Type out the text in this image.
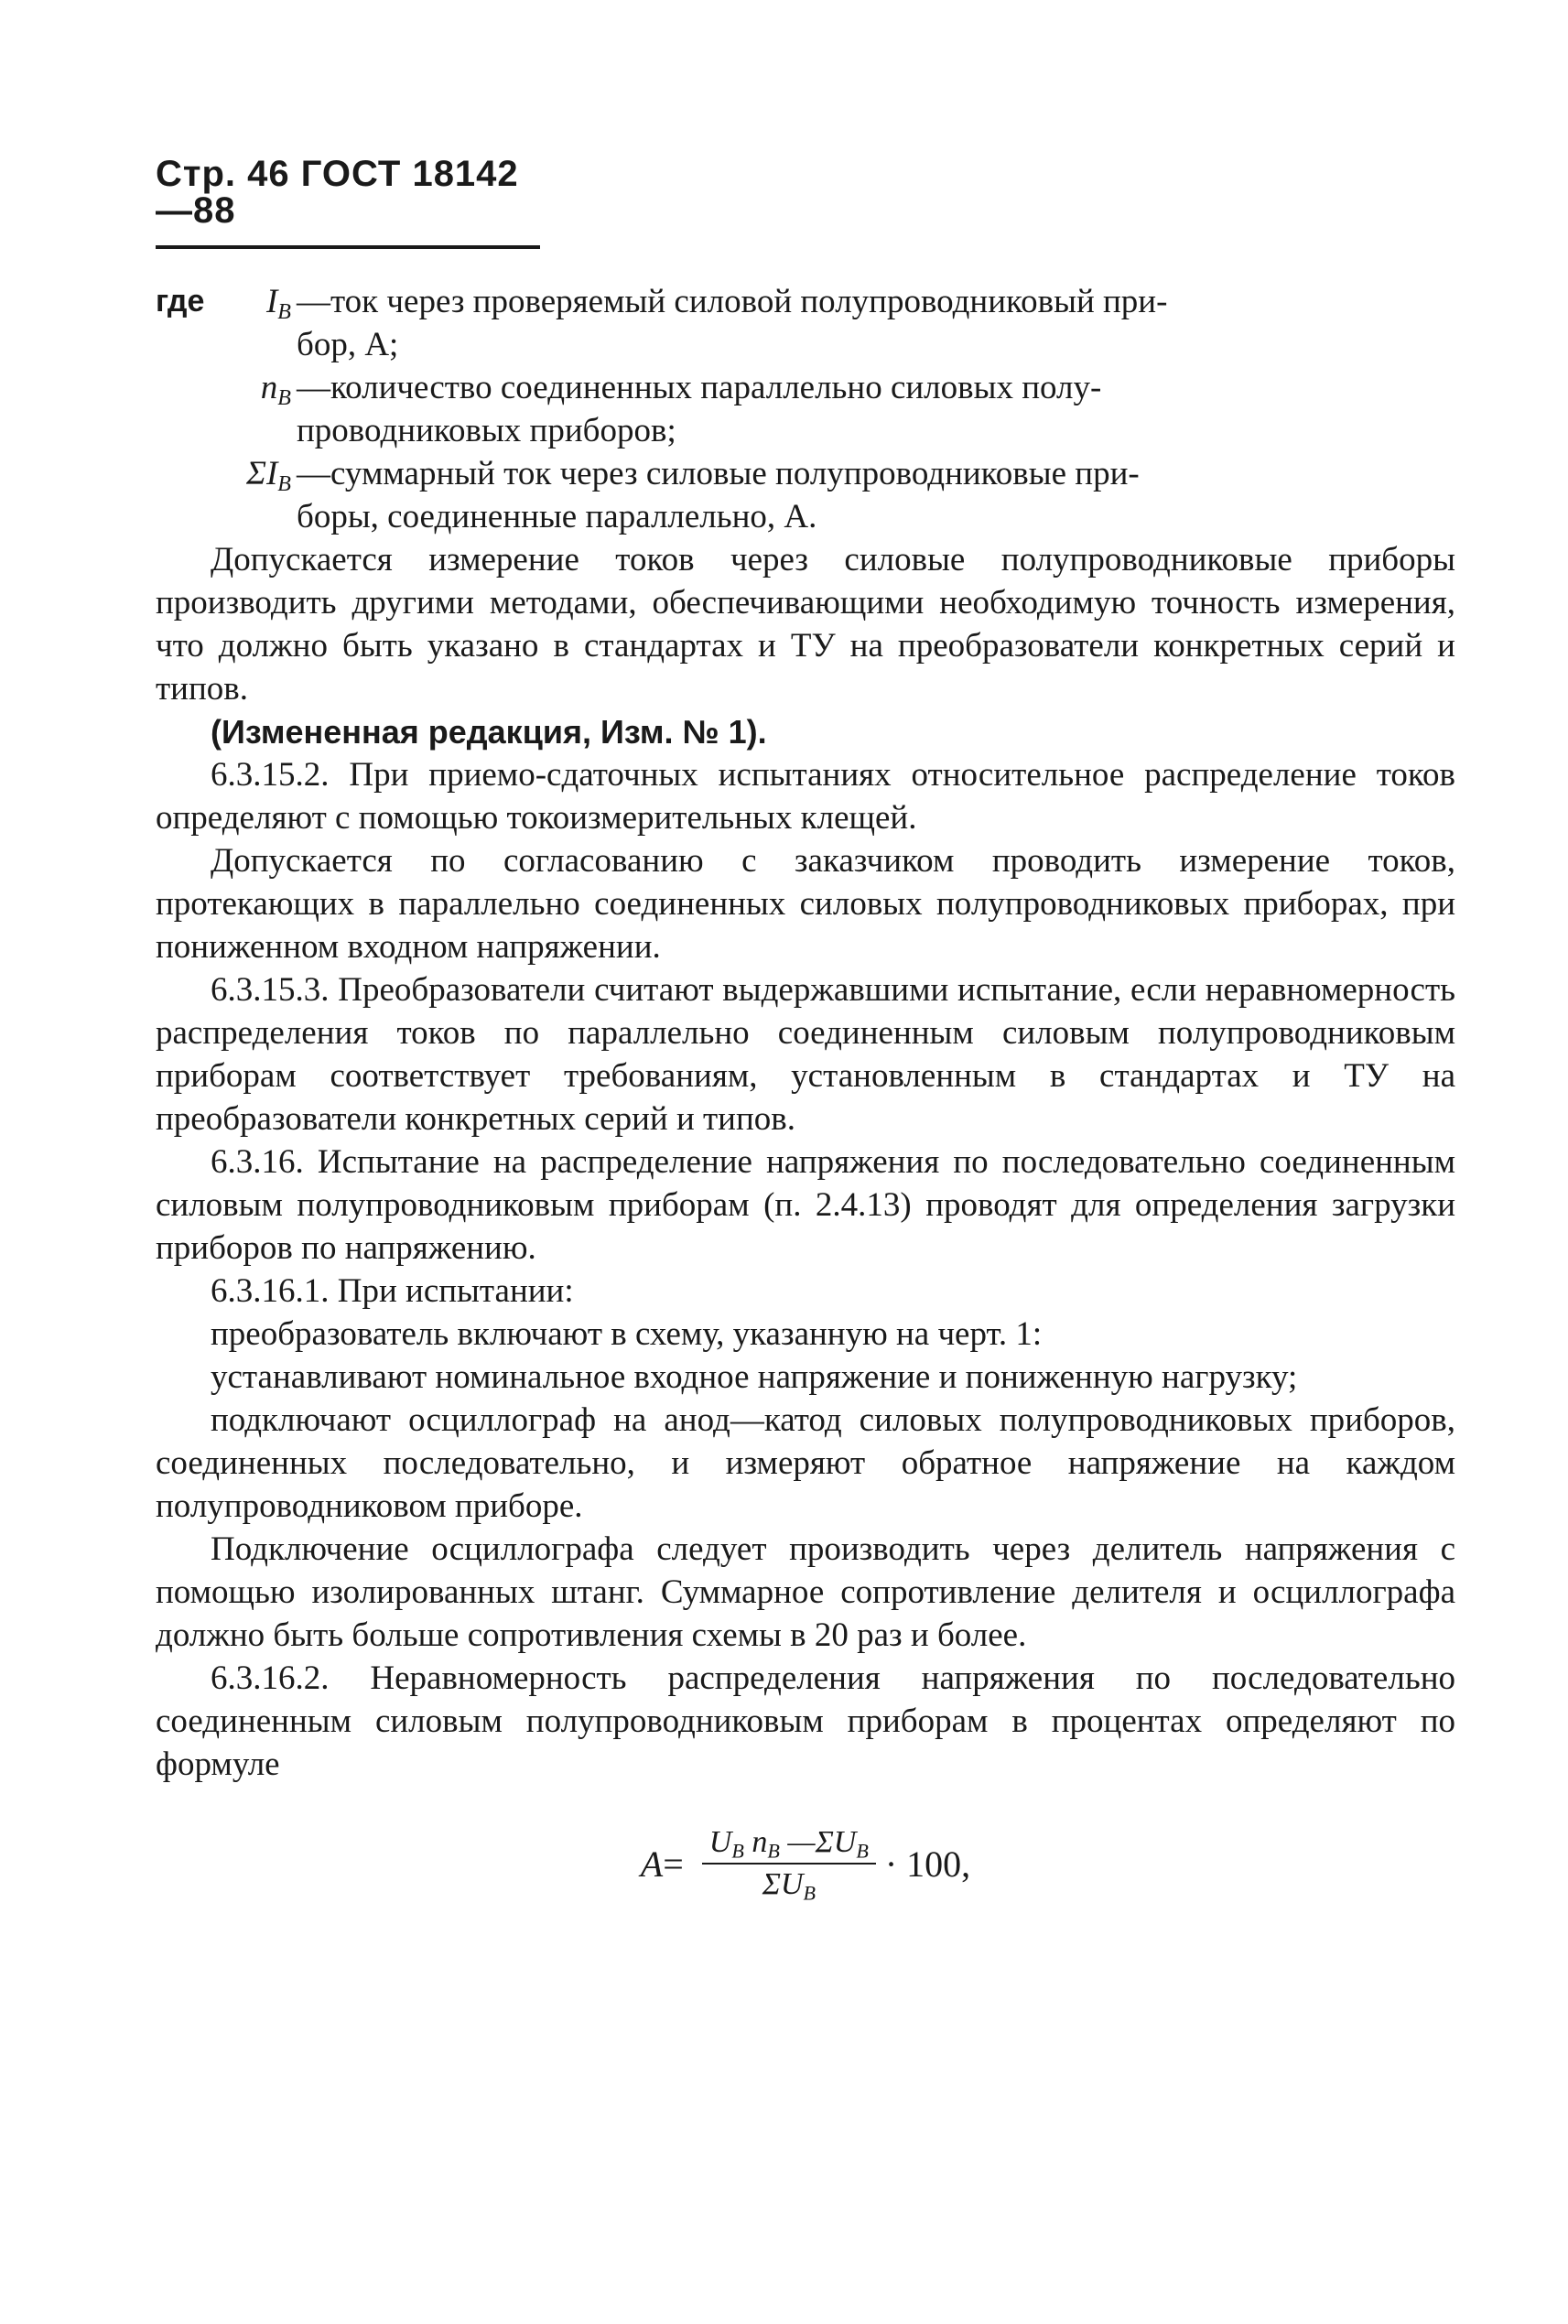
Стр. 46 ГОСТ 18142—88
где	$I_B$ —ток через проверяемый силовой полупроводниковый при-
бор, А;
$n_B$ —количество соединенных параллельно силовых полу-
проводниковых приборов;
$\Sigma I_B$ —суммарный ток через силовые полупроводниковые при-
боры, соединенные параллельно, А.

Допускается измерение токов через силовые полупроводниковые приборы производить другими методами, обеспечивающими необходимую точность измерения, что должно быть указано в стандартах и ТУ на преобразователи конкретных серий и типов.

(Измененная редакция, Изм. № 1).

6.3.15.2. При приемо-сдаточных испытаниях относительное распределение токов определяют с помощью токоизмерительных клещей.

Допускается по согласованию с заказчиком проводить измерение токов, протекающих в параллельно соединенных силовых полупроводниковых приборах, при пониженном входном напряжении.

6.3.15.3. Преобразователи считают выдержавшими испытание, если неравномерность распределения токов по параллельно соединенным силовым полупроводниковым приборам соответствует требованиям, установленным в стандартах и ТУ на преобразователи конкретных серий и типов.

6.3.16. Испытание на распределение напряжения по последовательно соединенным силовым полупроводниковым приборам (п. 2.4.13) проводят для определения загрузки приборов по напряжению.

6.3.16.1. При испытании:

преобразователь включают в схему, указанную на черт. 1:

устанавливают номинальное входное напряжение и пониженную нагрузку;

подключают осциллограф на анод—катод силовых полупроводниковых приборов, соединенных последовательно, и измеряют обратное напряжение на каждом полупроводниковом приборе.

Подключение осциллографа следует производить через делитель напряжения с помощью изолированных штанг. Суммарное сопротивление делителя и осциллографа должно быть больше сопротивления схемы в 20 раз и более.

6.3.16.2. Неравномерность распределения напряжения по последовательно соединенным силовым полупроводниковым приборам в процентах определяют по формуле

$A= \frac{U_B n_B —\Sigma U_B}{\Sigma U_B} \cdot 100$,
